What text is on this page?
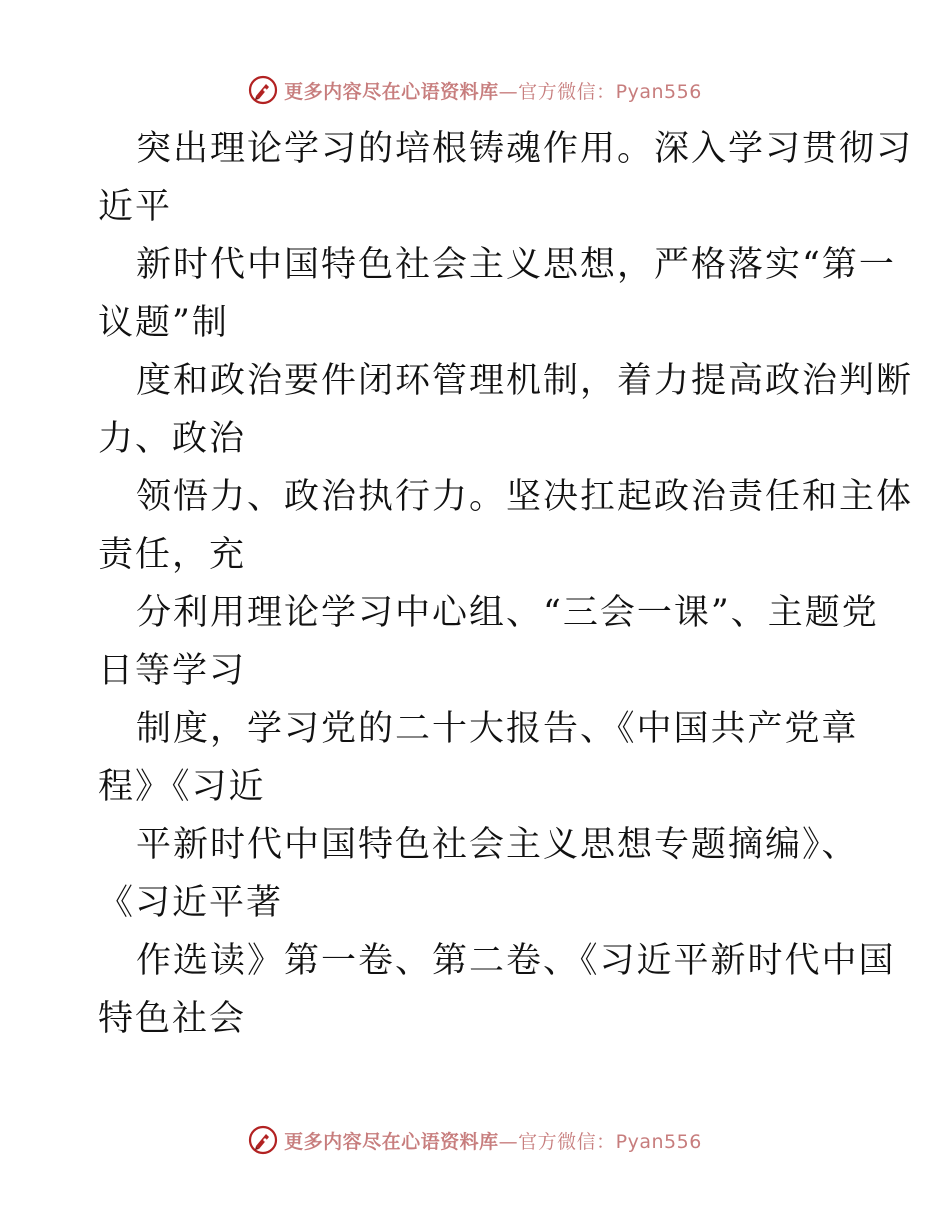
更多内容尽在心语资料库—官方微信：Pyan556

突出理论学习的培根铸魂作用。深入学习贯彻习
近平

新时代中国特色社会主义思想，严格落实“第一
议题”制

度和政治要件闭环管理机制，着力提高政治判断
力、政治

领悟力、政治执行力。坚决扛起政治责任和主体
责任，充

分利用理论学习中心组、“三会一课”、主题党
日等学习

制度，学习党的二十大报告、《中国共产党章
程》《习近

平新时代中国特色社会主义思想专题摘编》、
《习近平著

作选读》第一卷、第二卷、《习近平新时代中国
特色社会

更多内容尽在心语资料库—官方微信：Pyan556
